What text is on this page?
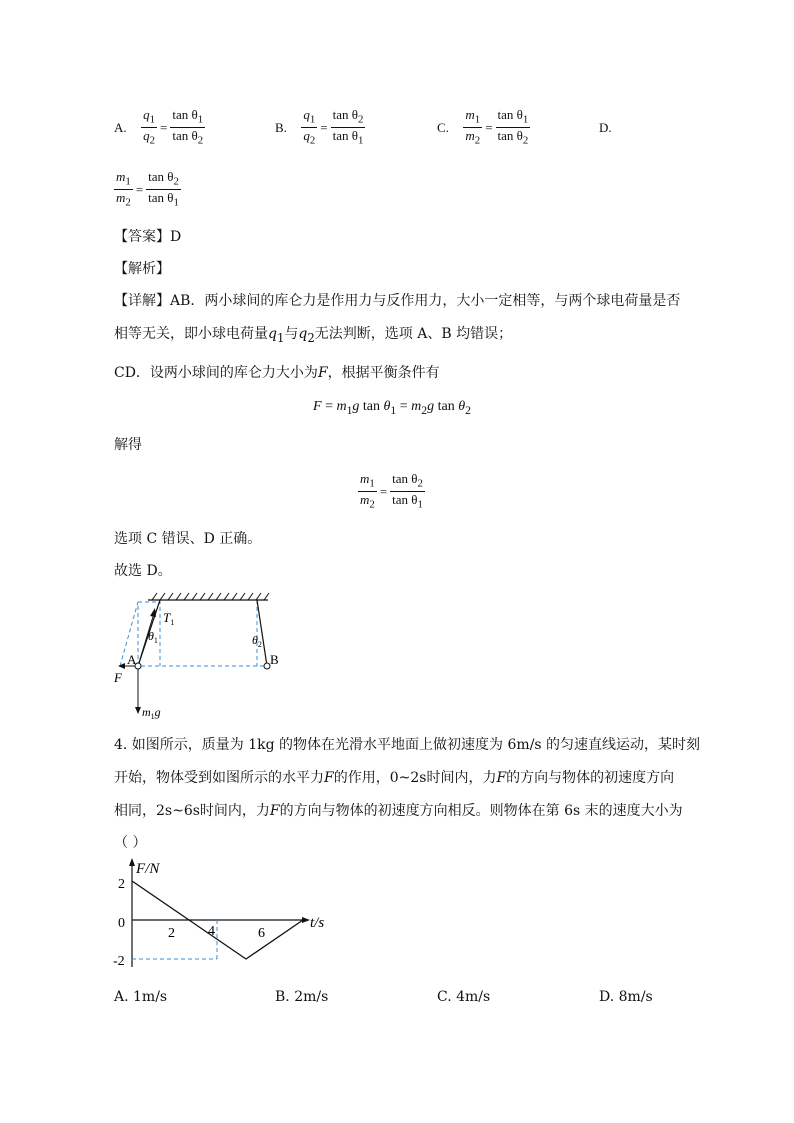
A. $\frac{q_1}{q_2} = \frac{\tan \theta_1}{\tan \theta_2}$	B. $\frac{q_1}{q_2} = \frac{\tan \theta_2}{\tan \theta_1}$	C. $\frac{m_1}{m_2} = \frac{\tan \theta_1}{\tan \theta_2}$	D.
$\frac{m_1}{m_2} = \frac{\tan \theta_2}{\tan \theta_1}$
【答案】D
【解析】
【详解】AB．两小球间的库仑力是作用力与反作用力，大小一定相等，与两个球电荷量是否
相等无关，即小球电荷量$q_1$与$q_2$无法判断，选项 A、B 均错误；
CD．设两小球间的库仑力大小为F，根据平衡条件有
$F = m_1g$ $\tan \theta_1 = m_2g$ $\tan \theta_2$
解得
$\frac{m_1}{m_2} = \frac{\tan \theta_2}{\tan \theta_1}$
选项 C 错误、D 正确。
故选 D。
$T_1$
$\theta_1$	$\theta_2$
A	B
F
$m_1g$
4. 如图所示，质量为 1kg 的物体在光滑水平地面上做初速度为 6m/s 的匀速直线运动，某时刻
开始，物体受到如图所示的水平力F的作用，0~2s时间内，力F的方向与物体的初速度方向
相同，2s~6s时间内，力F的方向与物体的初速度方向相反。则物体在第 6s 末的速度大小为
（ ）
F/N
t/s
2
0
-2
2 4	6
A. 1m/s	B. 2m/s	C. 4m/s	D. 8m/s
